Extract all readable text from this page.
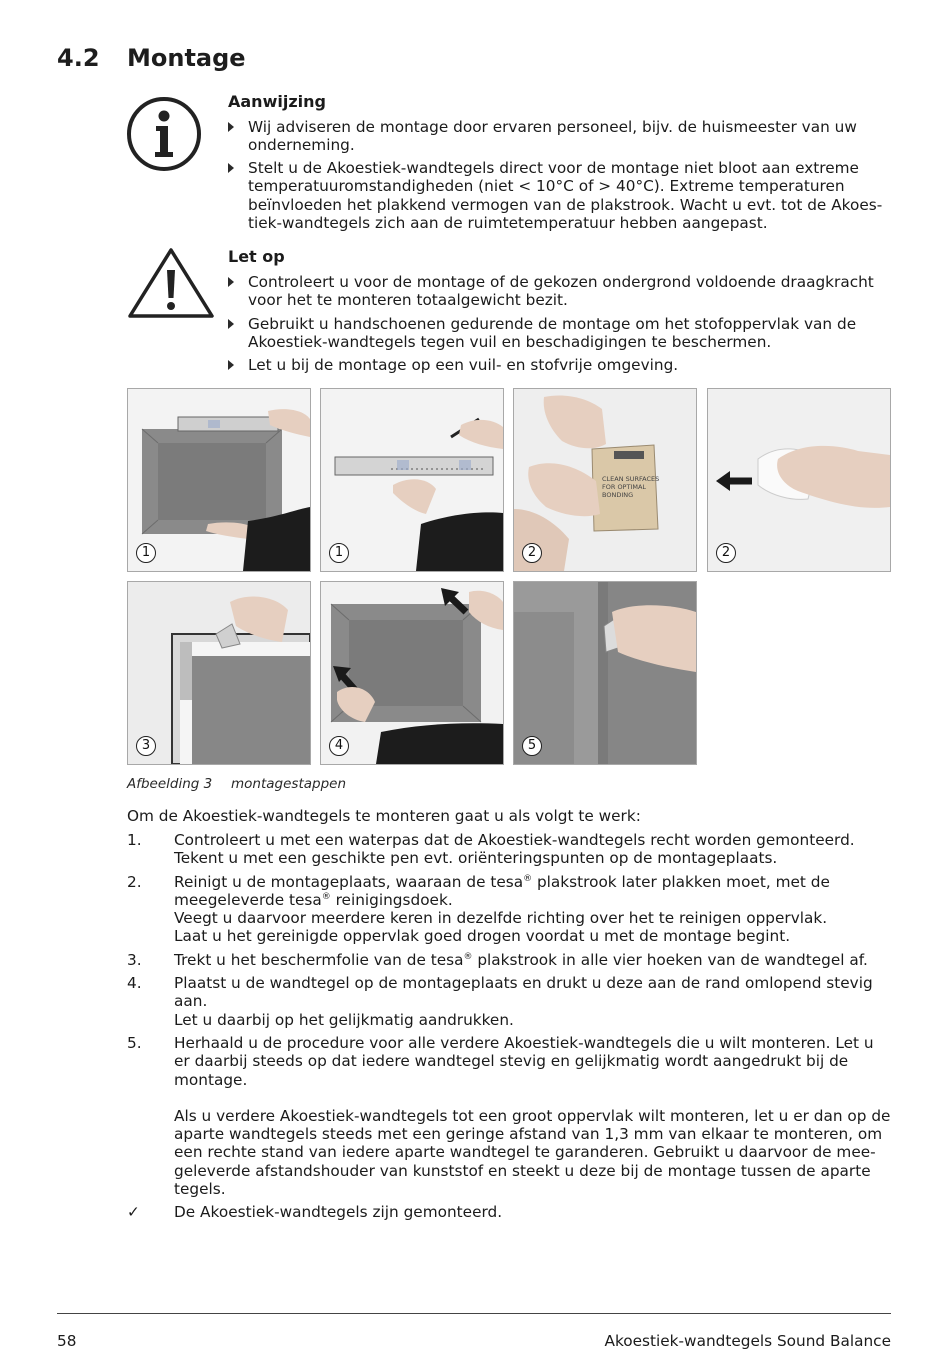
4.2 Montage
Aanwijzing
Wij adviseren de montage door ervaren personeel, bijv. de huismeester van uw onderneming.
Stelt u de Akoestiek-wandtegels direct voor de montage niet bloot aan extreme temperatuuromstandigheden (niet < 10°C of > 40°C). Extreme temperaturen beïnvloeden het plakkend vermogen van de plakstrook. Wacht u evt. tot de Akoestiek-wandtegels zich aan de ruimtetemperatuur hebben aangepast.
Let op
Controleert u voor de montage of de gekozen ondergrond voldoende draagkracht voor het te monteren totaalgewicht bezit.
Gebruikt u handschoenen gedurende de montage om het stofoppervlak van de Akoestiek-wandtegels tegen vuil en beschadigingen te beschermen.
Let u bij de montage op een vuil- en stofvrije omgeving.
1	1
CLEAN SURFACES
FOR OPTIMAL
BONDING
2	2
3	4	5
Afbeelding 3 montagestappen
Om de Akoestiek-wandtegels te monteren gaat u als volgt te werk:
1. Controleert u met een waterpas dat de Akoestiek-wandtegels recht worden gemonteerd.

Tekent u met een geschikte pen evt. oriënteringspunten op de montageplaats.

2. Reinigt u de montageplaats, waaraan de tesa® plakstrook later plakken moet, met de meegeleverde tesa® reinigingsdoek.

Veegt u daarvoor meerdere keren in dezelfde richting over het te reinigen oppervlak.

Laat u het gereinigde oppervlak goed drogen voordat u met de montage begint.

3. Trekt u het beschermfolie van de tesa® plakstrook in alle vier hoeken van de wandtegel af.

4. Plaatst u de wandtegel op de montageplaats en drukt u deze aan de rand omlopend stevig aan.

Let u daarbij op het gelijkmatig aandrukken.

5. Herhaald u de procedure voor alle verdere Akoestiek-wandtegels die u wilt monteren. Let u er daarbij steeds op dat iedere wandtegel stevig en gelijkmatig wordt aangedrukt bij de montage.

Als u verdere Akoestiek-wandtegels tot een groot oppervlak wilt monteren, let u er dan op de aparte wandtegels steeds met een geringe afstand van 1,3 mm van elkaar te monteren, om een rechte stand van iedere aparte wandtegel te garanderen. Gebruikt u daarvoor de meegeleverde afstandshouder van kunststof en steekt u deze bij de montage tussen de aparte tegels.

✓ De Akoestiek-wandtegels zijn gemonteerd.

58	Akoestiek-wandtegels Sound Balance
